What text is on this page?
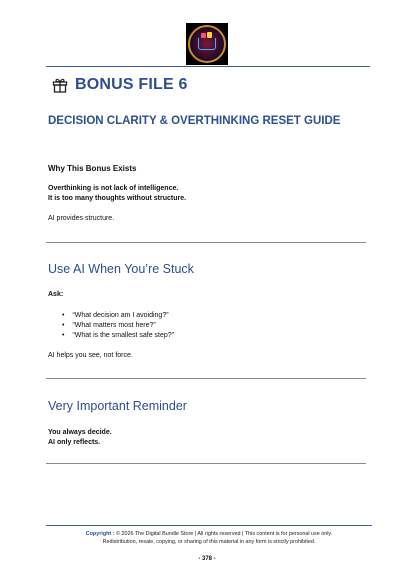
BONUS FILE 6
DECISION CLARITY & OVERTHINKING RESET GUIDE
Why This Bonus Exists
Overthinking is not lack of intelligence.
It is too many thoughts without structure.
AI provides structure.
Use AI When You’re Stuck
Ask:
• “What decision am I avoiding?”
• “What matters most here?”
• “What is the smallest safe step?”
AI helps you see, not force.
Very Important Reminder
You always decide.
AI only reflects.
Copyright : © 2026 The Digital Bundle Store | All rights reserved | This content is for personal use only.
Redistribution, resale, copying, or sharing of this material in any form is strictly prohibited.
- 378 -
